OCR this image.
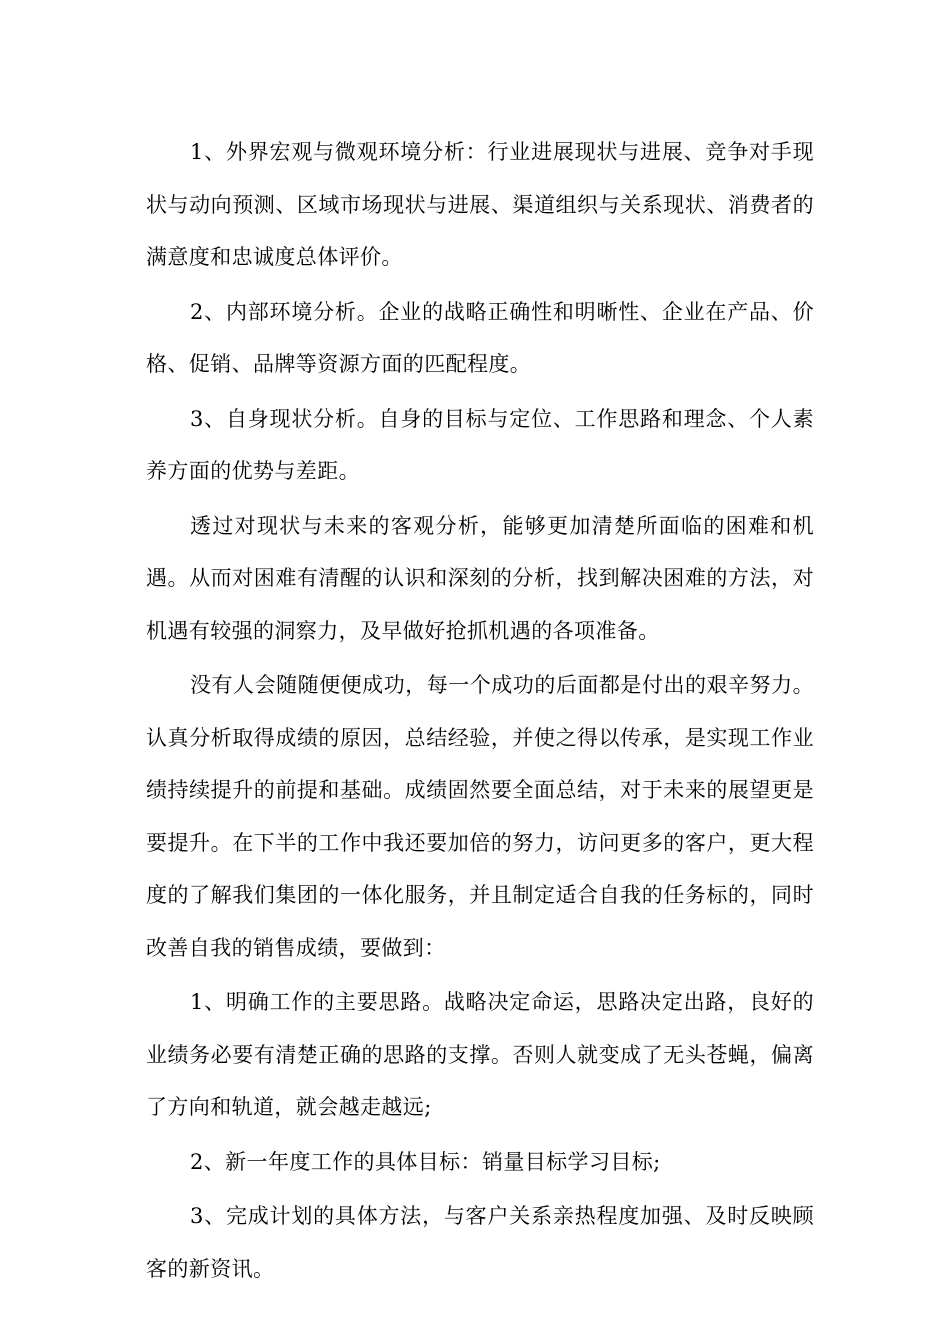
1、外界宏观与微观环境分析：行业进展现状与进展、竞争对手现状与动向预测、区域市场现状与进展、渠道组织与关系现状、消费者的满意度和忠诚度总体评价。

2、内部环境分析。企业的战略正确性和明晰性、企业在产品、价格、促销、品牌等资源方面的匹配程度。

3、自身现状分析。自身的目标与定位、工作思路和理念、个人素养方面的优势与差距。

透过对现状与未来的客观分析，能够更加清楚所面临的困难和机遇。从而对困难有清醒的认识和深刻的分析，找到解决困难的方法，对机遇有较强的洞察力，及早做好抢抓机遇的各项准备。

没有人会随随便便成功，每一个成功的后面都是付出的艰辛努力。认真分析取得成绩的原因，总结经验，并使之得以传承，是实现工作业绩持续提升的前提和基础。成绩固然要全面总结，对于未来的展望更是要提升。在下半的工作中我还要加倍的努力，访问更多的客户，更大程度的了解我们集团的一体化服务，并且制定适合自我的任务标的，同时改善自我的销售成绩，要做到：

1、明确工作的主要思路。战略决定命运，思路决定出路，良好的业绩务必要有清楚正确的思路的支撑。否则人就变成了无头苍蝇，偏离了方向和轨道，就会越走越远;

2、新一年度工作的具体目标：销量目标学习目标;

3、完成计划的具体方法，与客户关系亲热程度加强、及时反映顾客的新资讯。
